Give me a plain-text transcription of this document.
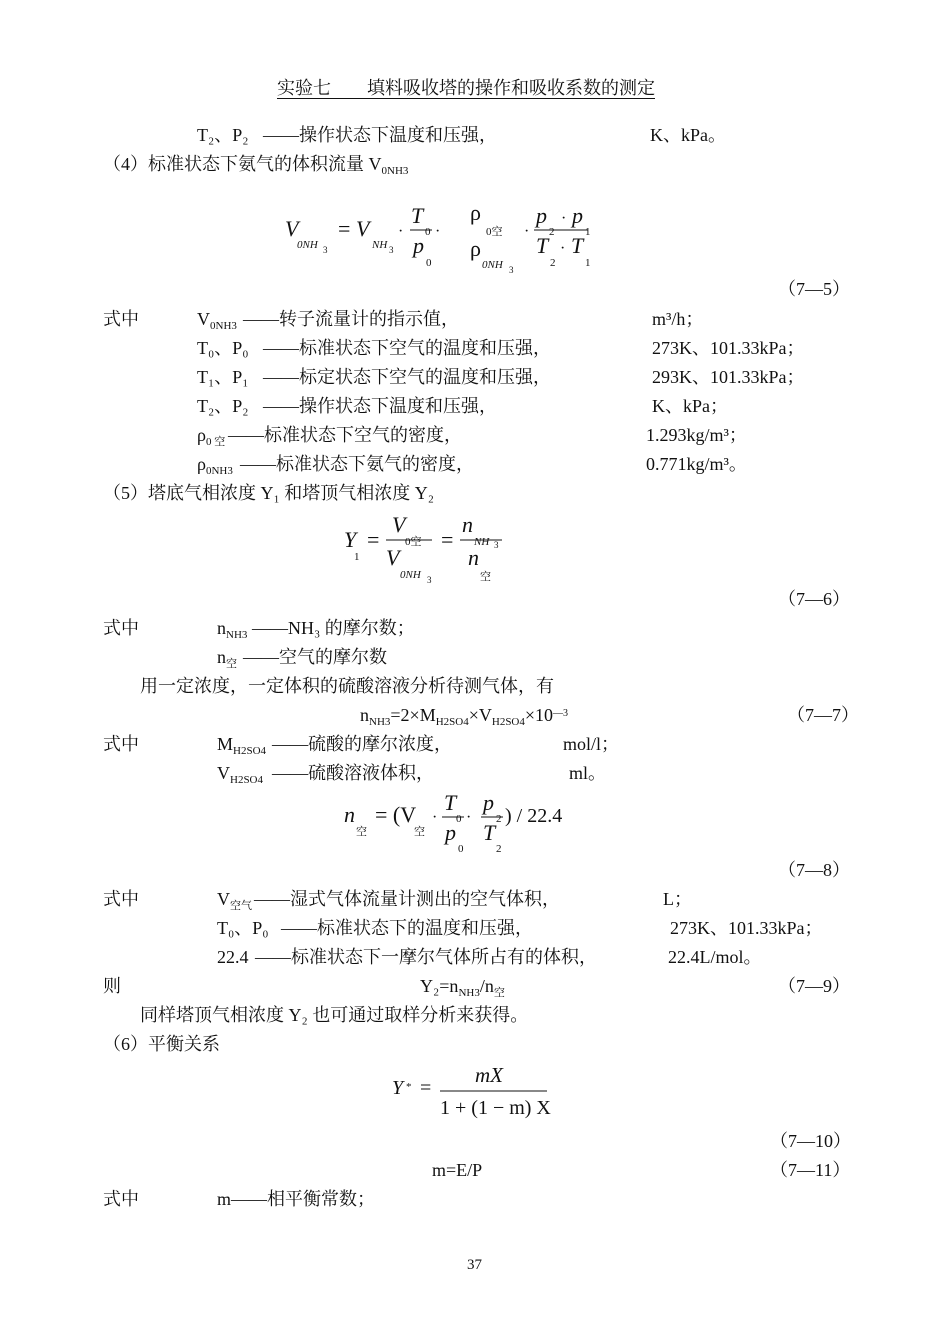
实验七　　填料吸收塔的操作和吸收系数的测定
T₂、P₂ ——操作状态下温度和压强，	K、kPa。
（4）标准状态下氨气的体积流量 $V_{0NH3}$
V
0NH 3
= V
NH 3
·
T
0
p
0
·
ρ
0空
ρ
0NH 3
·
p
2
· p
1
T
2
· T
1
（7—5）
式中	$V_{0NH3}$ ——转子流量计的指示值，	m³/h；
T₀、P₀ ——标准状态下空气的温度和压强，	273K、101.33kPa；
T₁、P₁ ——标定状态下空气的温度和压强，	293K、101.33kPa；
T₂、P₂ ——操作状态下温度和压强，	K、kPa；
$\rho_{0 空}$ ——标准状态下空气的密度，	1.293kg/m³；
$\rho_{0NH3}$ ——标准状态下氨气的密度，	0.771kg/m³。
（5）塔底气相浓度 Y₁ 和塔顶气相浓度 Y₂
Y
1
=
V
0空
V
0NH 3
=
n
NH 3
n
空
（7—6）
式中	$n_{NH3}$ ——NH₃ 的摩尔数；
$n_空$ ——空气的摩尔数
用一定浓度，一定体积的硫酸溶液分析待测气体，有
$n_{NH3}=2\times M_{H2SO4}\times V_{H2SO4}\times 10^{—3}$	（7—7）
式中	$M_{H2SO4}$ ——硫酸的摩尔浓度，	mol/l；
$V_{H2SO4}$ ——硫酸溶液体积，	ml。
n
空
= (V
空
·
T
0
p
0
·
p
2
T
2
) / 22.4
（7—8）
式中	$V_{空气}$ ——湿式气体流量计测出的空气体积，	L；
T₀、P₀ ——标准状态下的温度和压强，	273K、101.33kPa；
22.4 ——标准状态下一摩尔气体所占有的体积，	22.4L/mol。
则	$Y_2=n_{NH3}/n_空$	（7—9）
同样塔顶气相浓度 Y₂ 也可通过取样分析来获得。
（6）平衡关系
Y * =
mX
1 + (1 − m) X
（7—10）
m=E/P	（7—11）
式中	m——相平衡常数；
37
